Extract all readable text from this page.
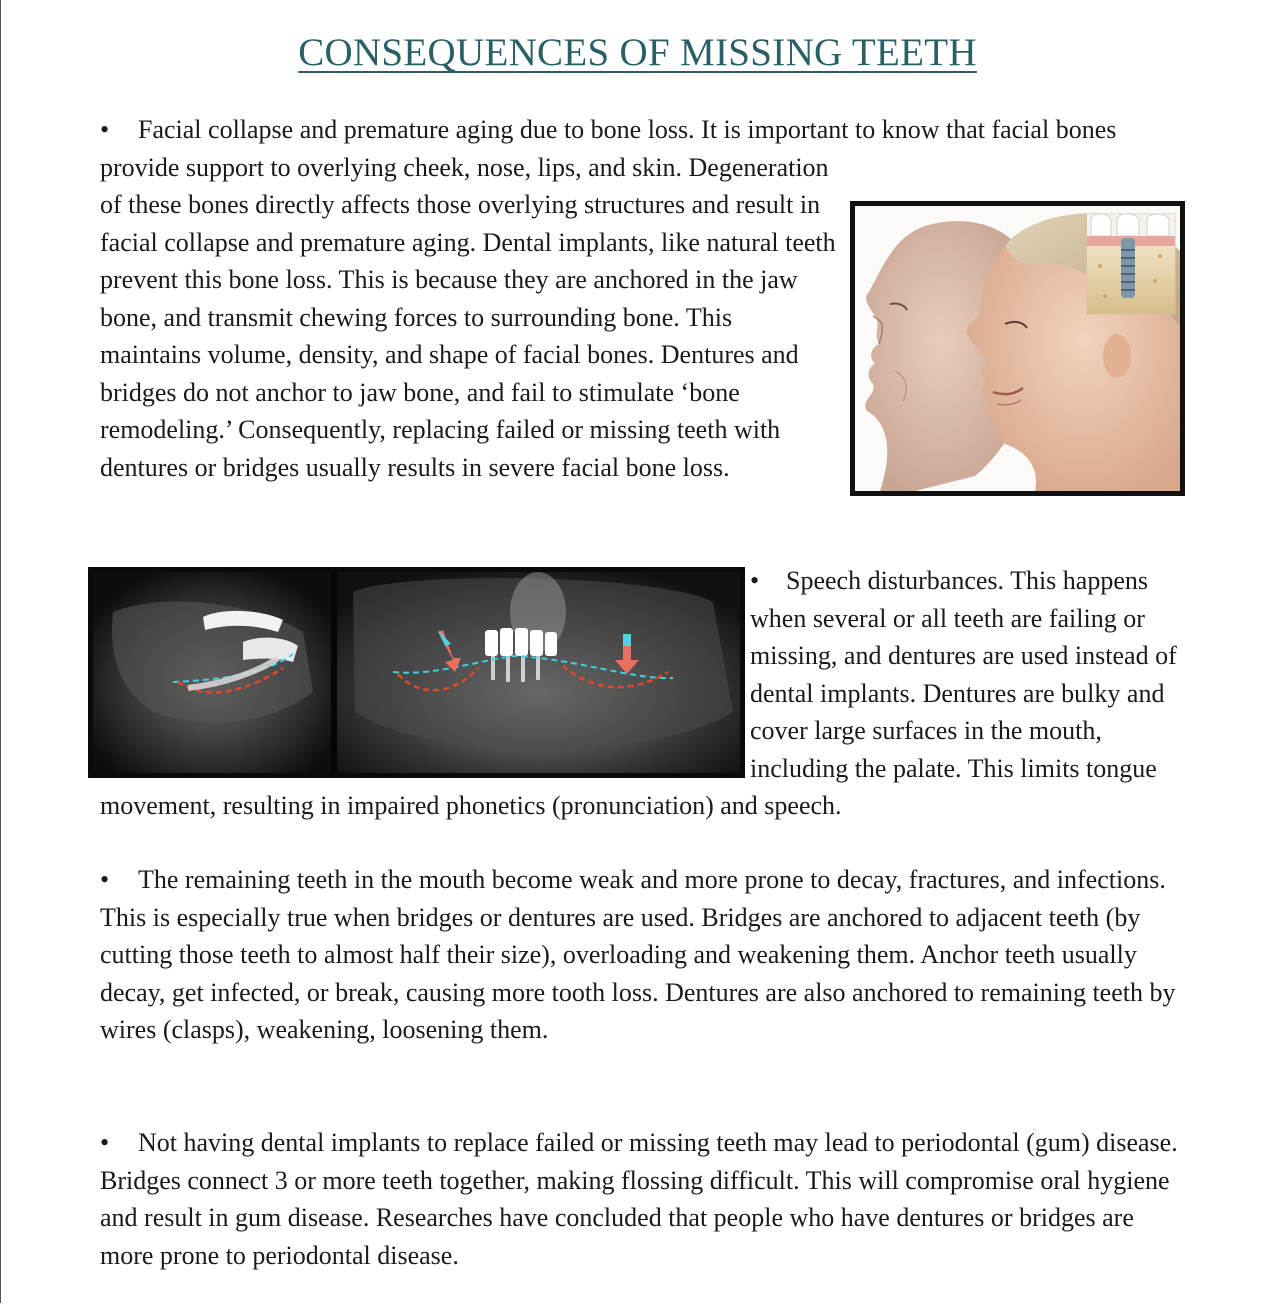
CONSEQUENCES OF MISSING TEETH
• Facial collapse and premature aging due to bone loss. It is important to know that facial bones provide support to overlying cheek, nose, lips, and skin. Degeneration of these bones directly affects those overlying structures and result in facial collapse and premature aging. Dental implants, like natural teeth prevent this bone loss. This is because they are anchored in the jaw bone, and transmit chewing forces to surrounding bone. This maintains volume, density, and shape of facial bones. Dentures and bridges do not anchor to jaw bone, and fail to stimulate ‘bone remodeling.’ Consequently, replacing failed or missing teeth with dentures or bridges usually results in severe facial bone loss.
• Speech disturbances. This happens when several or all teeth are failing or missing, and dentures are used instead of dental implants. Dentures are bulky and cover large surfaces in the mouth, including the palate. This limits tongue movement, resulting in impaired phonetics (pronunciation) and speech.
• The remaining teeth in the mouth become weak and more prone to decay, fractures, and infections. This is especially true when bridges or dentures are used. Bridges are anchored to adjacent teeth (by cutting those teeth to almost half their size), overloading and weakening them. Anchor teeth usually decay, get infected, or break, causing more tooth loss. Dentures are also anchored to remaining teeth by wires (clasps), weakening, loosening them.
• Not having dental implants to replace failed or missing teeth may lead to periodontal (gum) disease. Bridges connect 3 or more teeth together, making flossing difficult. This will compromise oral hygiene and result in gum disease. Researches have concluded that people who have dentures or bridges are more prone to periodontal disease.
